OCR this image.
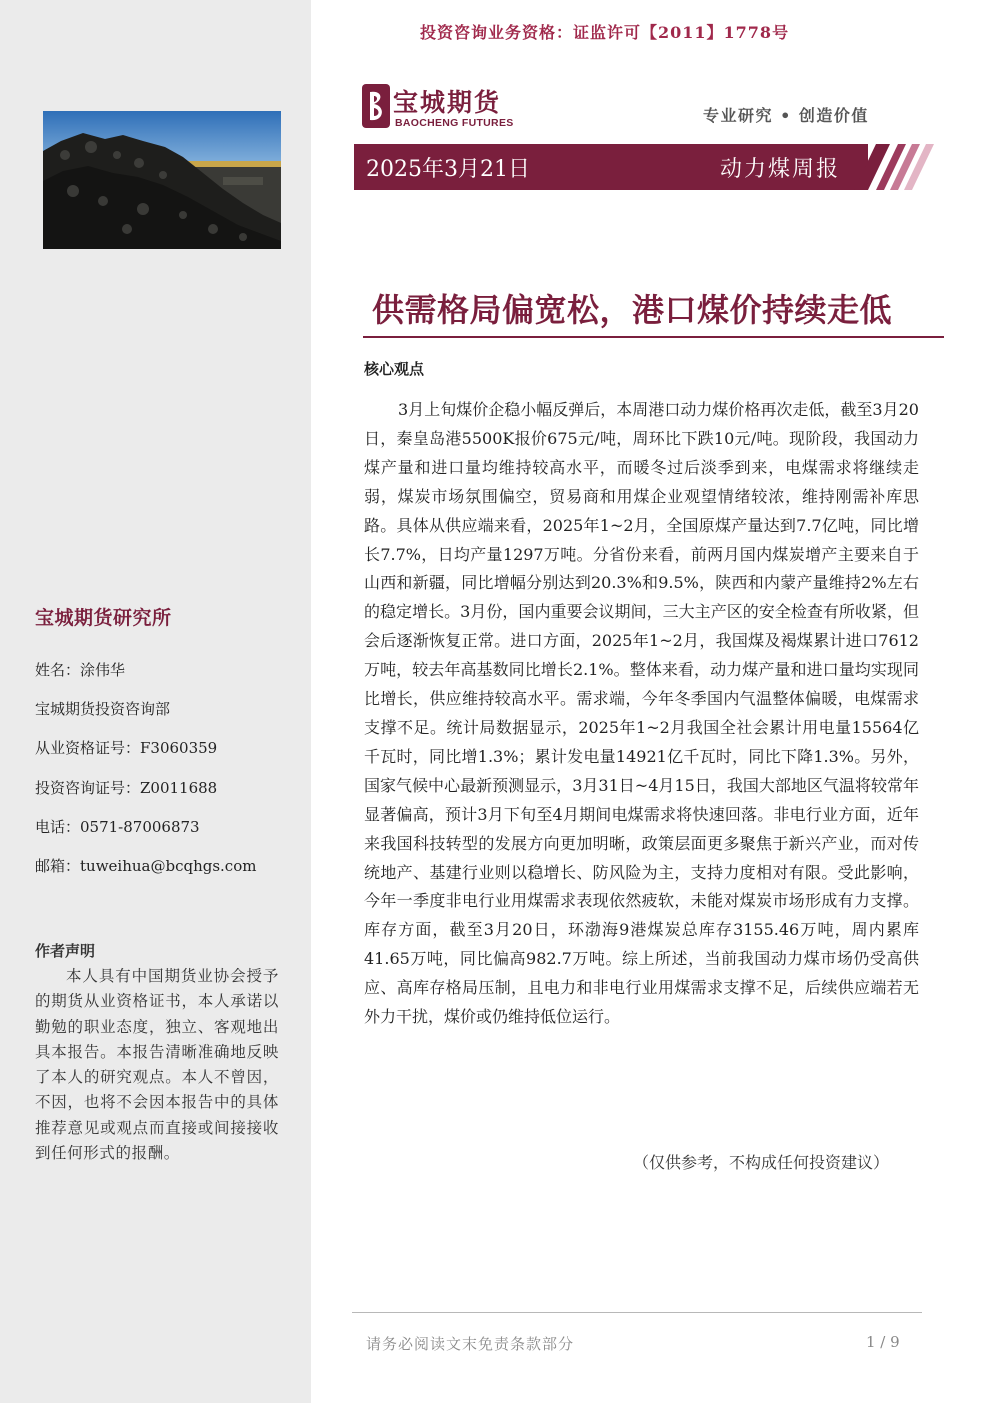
宝城期货研究所
姓名：涂伟华
宝城期货投资咨询部
从业资格证号：F3060359
投资咨询证号：Z0011688
电话：0571-87006873
邮箱：tuweihua@bcqhgs.com
作者声明
本人具有中国期货业协会授予的期货从业资格证书，本人承诺以勤勉的职业态度，独立、客观地出具本报告。本报告清晰准确地反映了本人的研究观点。本人不曾因，不因，也将不会因本报告中的具体推荐意见或观点而直接或间接接收到任何形式的报酬。
投资咨询业务资格：证监许可【2011】1778号
宝城期货
BAOCHENG FUTURES	专业研究 • 创造价值
2025年3月21日	动力煤周报
供需格局偏宽松，港口煤价持续走低
核心观点
3月上旬煤价企稳小幅反弹后，本周港口动力煤价格再次走低，截至3月20日，秦皇岛港5500K报价675元/吨，周环比下跌10元/吨。现阶段，我国动力煤产量和进口量均维持较高水平，而暖冬过后淡季到来，电煤需求将继续走弱，煤炭市场氛围偏空，贸易商和用煤企业观望情绪较浓，维持刚需补库思路。具体从供应端来看，2025年1~2月，全国原煤产量达到7.7亿吨，同比增长7.7%，日均产量1297万吨。分省份来看，前两月国内煤炭增产主要来自于山西和新疆，同比增幅分别达到20.3%和9.5%，陕西和内蒙产量维持2%左右的稳定增长。3月份，国内重要会议期间，三大主产区的安全检查有所收紧，但会后逐渐恢复正常。进口方面，2025年1~2月，我国煤及褐煤累计进口7612万吨，较去年高基数同比增长2.1%。整体来看，动力煤产量和进口量均实现同比增长，供应维持较高水平。需求端，今年冬季国内气温整体偏暖，电煤需求支撑不足。统计局数据显示，2025年1~2月我国全社会累计用电量15564亿千瓦时，同比增1.3%；累计发电量14921亿千瓦时，同比下降1.3%。另外，国家气候中心最新预测显示，3月31日~4月15日，我国大部地区气温将较常年显著偏高，预计3月下旬至4月期间电煤需求将快速回落。非电行业方面，近年来我国科技转型的发展方向更加明晰，政策层面更多聚焦于新兴产业，而对传统地产、基建行业则以稳增长、防风险为主，支持力度相对有限。受此影响，今年一季度非电行业用煤需求表现依然疲软，未能对煤炭市场形成有力支撑。库存方面，截至3月20日，环渤海9港煤炭总库存3155.46万吨，周内累库41.65万吨，同比偏高982.7万吨。综上所述，当前我国动力煤市场仍受高供应、高库存格局压制，且电力和非电行业用煤需求支撑不足，后续供应端若无外力干扰，煤价或仍维持低位运行。
（仅供参考，不构成任何投资建议）
请务必阅读文末免责条款部分	1 / 9
